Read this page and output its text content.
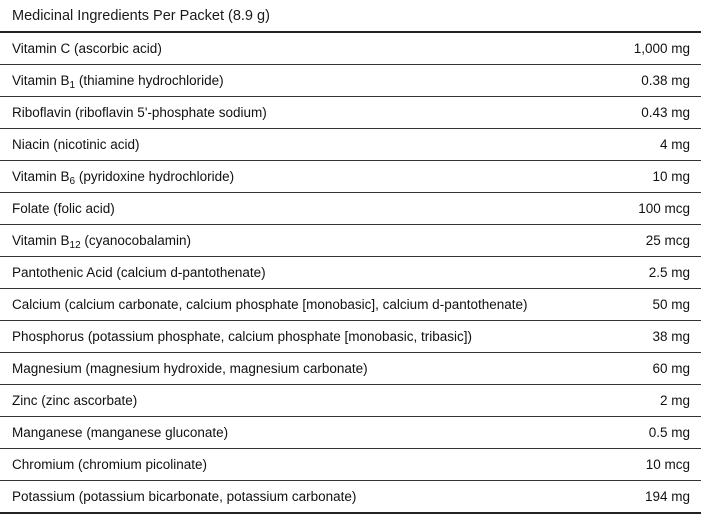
Medicinal Ingredients Per Packet (8.9 g)
Vitamin C (ascorbic acid)	1,000 mg
Vitamin $B_1$ (thiamine hydrochloride)	0.38 mg
Riboflavin (riboflavin 5'-phosphate sodium)	0.43 mg
Niacin (nicotinic acid)	4 mg
Vitamin $B_6$ (pyridoxine hydrochloride)	10 mg
Folate (folic acid)	100 mcg
Vitamin $B_{12}$ (cyanocobalamin)	25 mcg
Pantothenic Acid (calcium d-pantothenate)	2.5 mg
Calcium (calcium carbonate, calcium phosphate [monobasic], calcium d-pantothenate)	50 mg
Phosphorus (potassium phosphate, calcium phosphate [monobasic, tribasic])	38 mg
Magnesium (magnesium hydroxide, magnesium carbonate)	60 mg
Zinc (zinc ascorbate)	2 mg
Manganese (manganese gluconate)	0.5 mg
Chromium (chromium picolinate)	10 mcg
Potassium (potassium bicarbonate, potassium carbonate)	194 mg
